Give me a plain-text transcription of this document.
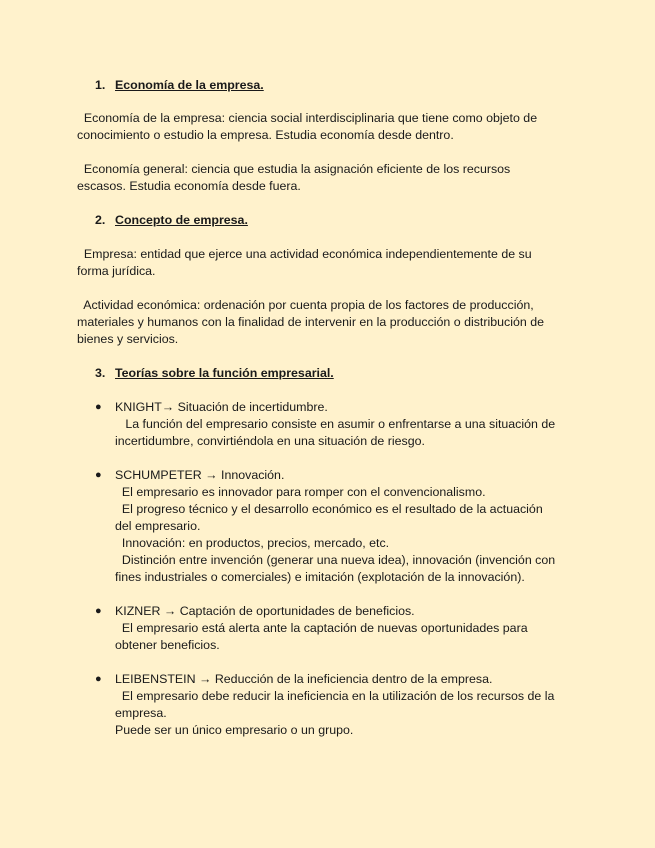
1. Economía de la empresa.
Economía de la empresa: ciencia social interdisciplinaria que tiene como objeto de
conocimiento o estudio la empresa. Estudia economía desde dentro.
Economía general: ciencia que estudia la asignación eficiente de los recursos
escasos. Estudia economía desde fuera.
2. Concepto de empresa.
Empresa: entidad que ejerce una actividad económica independientemente de su
forma jurídica.
Actividad económica: ordenación por cuenta propia de los factores de producción,
materiales y humanos con la finalidad de intervenir en la producción o distribución de
bienes y servicios.
3. Teorías sobre la función empresarial.
●	KNIGHT→ Situación de incertidumbre.
La función del empresario consiste en asumir o enfrentarse a una situación de
incertidumbre, convirtiéndola en una situación de riesgo.
●	SCHUMPETER → Innovación.
El empresario es innovador para romper con el convencionalismo.
El progreso técnico y el desarrollo económico es el resultado de la actuación
del empresario.
Innovación: en productos, precios, mercado, etc.
Distinción entre invención (generar una nueva idea), innovación (invención con
fines industriales o comerciales) e imitación (explotación de la innovación).
●	KIZNER → Captación de oportunidades de beneficios.
El empresario está alerta ante la captación de nuevas oportunidades para
obtener beneficios.
●	LEIBENSTEIN → Reducción de la ineficiencia dentro de la empresa.
El empresario debe reducir la ineficiencia en la utilización de los recursos de la
empresa.
Puede ser un único empresario o un grupo.
